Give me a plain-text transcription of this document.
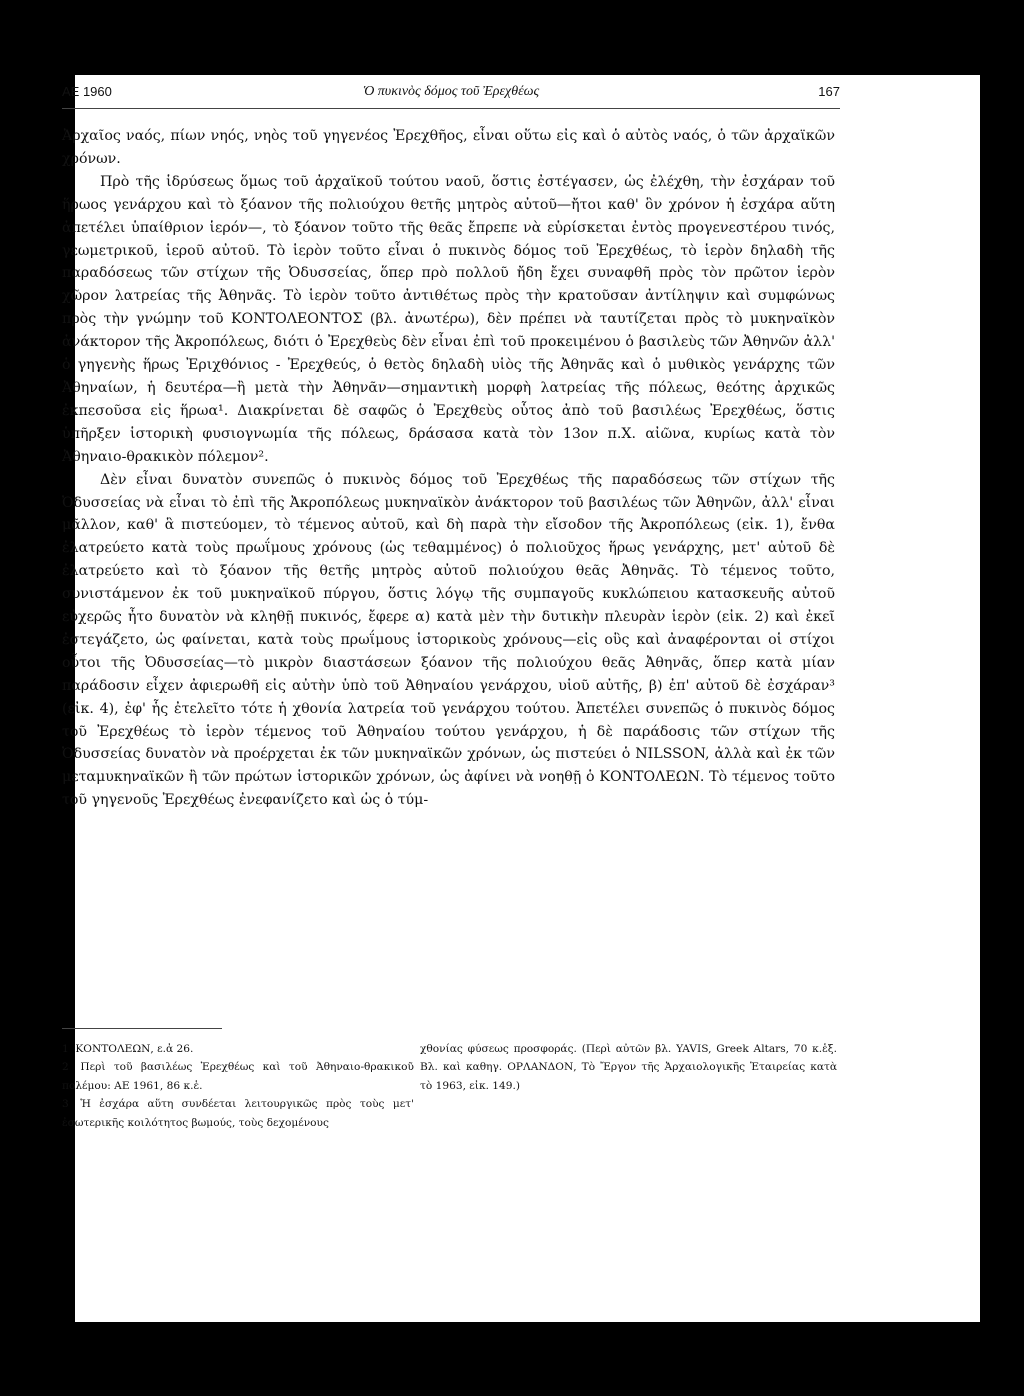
ΑΕ 1960	Ὁ πυκινὸς δόμος τοῦ Ἐρεχθέως	167

Ἀρχαῖος ναός, πίων νηός, νηὸς τοῦ γηγενέος Ἐρεχθῆος, εἶναι οὕτω εἰς καὶ ὁ αὐτὸς ναός, ὁ τῶν ἀρχαϊκῶν χρόνων.

Πρὸ τῆς ἱδρύσεως ὅμως τοῦ ἀρχαϊκοῦ τούτου ναοῦ, ὅστις ἐστέγασεν, ὡς ἐλέχθη, τὴν ἐσχάραν τοῦ ἥρωος γενάρχου καὶ τὸ ξόανον τῆς πολιούχου θετῆς μητρὸς αὐτοῦ—ἤτοι καθ' ὃν χρόνον ἡ ἐσχάρα αὕτη ἀπετέλει ὑπαίθριον ἱερόν—, τὸ ξόανον τοῦτο τῆς θεᾶς ἔπρεπε νὰ εὑρίσκεται ἐντὸς προγενεστέρου τινός, γεωμετρικοῦ, ἱεροῦ αὐτοῦ. Τὸ ἱερὸν τοῦτο εἶναι ὁ πυκινὸς δόμος τοῦ Ἐρεχθέως, τὸ ἱερὸν δηλαδὴ τῆς παραδόσεως τῶν στίχων τῆς Ὀδυσσείας, ὅπερ πρὸ πολλοῦ ἤδη ἔχει συναφθῆ πρὸς τὸν πρῶτον ἱερὸν χῶρον λατρείας τῆς Ἀθηνᾶς. Τὸ ἱερὸν τοῦτο ἀντιθέτως πρὸς τὴν κρατοῦσαν ἀντίληψιν καὶ συμφώνως πρὸς τὴν γνώμην τοῦ ΚΟΝΤΟΛΕΟΝΤΟΣ (βλ. ἀνωτέρω), δὲν πρέπει νὰ ταυτίζεται πρὸς τὸ μυκηναϊκὸν ἀνάκτορον τῆς Ἀκροπόλεως, διότι ὁ Ἐρεχθεὺς δὲν εἶναι ἐπὶ τοῦ προκειμένου ὁ βασιλεὺς τῶν Ἀθηνῶν ἀλλ' ὁ γηγενὴς ἥρως Ἐριχθόνιος - Ἐρεχθεύς, ὁ θετὸς δηλαδὴ υἱὸς τῆς Ἀθηνᾶς καὶ ὁ μυθικὸς γενάρχης τῶν Ἀθηναίων, ἡ δευτέρα—ἢ μετὰ τὴν Ἀθηνᾶν—σημαντικὴ μορφὴ λατρείας τῆς πόλεως, θεότης ἀρχικῶς ἐκπεσοῦσα εἰς ἥρωα¹. Διακρίνεται δὲ σαφῶς ὁ Ἐρεχθεὺς οὗτος ἀπὸ τοῦ βασιλέως Ἐρεχθέως, ὅστις ὑπῆρξεν ἱστορικὴ φυσιογνωμία τῆς πόλεως, δράσασα κατὰ τὸν 13ον π.Χ. αἰῶνα, κυρίως κατὰ τὸν Ἀθηναιο-θρακικὸν πόλεμον².

Δὲν εἶναι δυνατὸν συνεπῶς ὁ πυκινὸς δόμος τοῦ Ἐρεχθέως τῆς παραδόσεως τῶν στίχων τῆς Ὀδυσσείας νὰ εἶναι τὸ ἐπὶ τῆς Ἀκροπόλεως μυκηναϊκὸν ἀνάκτορον τοῦ βασιλέως τῶν Ἀθηνῶν, ἀλλ' εἶναι μᾶλλον, καθ' ἃ πιστεύομεν, τὸ τέμενος αὐτοῦ, καὶ δὴ παρὰ τὴν εἴσοδον τῆς Ἀκροπόλεως (εἰκ. 1), ἔνθα ἐλατρεύετο κατὰ τοὺς πρωΐμους χρόνους (ὡς τεθαμμένος) ὁ πολιοῦχος ἥρως γενάρχης, μετ' αὐτοῦ δὲ ἐλατρεύετο καὶ τὸ ξόανον τῆς θετῆς μητρὸς αὐτοῦ πολιούχου θεᾶς Ἀθηνᾶς. Τὸ τέμενος τοῦτο, συνιστάμενον ἐκ τοῦ μυκηναϊκοῦ πύργου, ὅστις λόγῳ τῆς συμπαγοῦς κυκλώπειου κατασκευῆς αὐτοῦ εὐχερῶς ἦτο δυνατὸν νὰ κληθῇ πυκινός, ἔφερε α) κατὰ μὲν τὴν δυτικὴν πλευρὰν ἱερὸν (εἰκ. 2) καὶ ἐκεῖ ἐστεγάζετο, ὡς φαίνεται, κατὰ τοὺς πρωΐμους ἱστορικοὺς χρόνους—εἰς οὓς καὶ ἀναφέρονται οἱ στίχοι οὗτοι τῆς Ὀδυσσείας—τὸ μικρὸν διαστάσεων ξόανον τῆς πολιούχου θεᾶς Ἀθηνᾶς, ὅπερ κατὰ μίαν παράδοσιν εἶχεν ἀφιερωθῆ εἰς αὐτὴν ὑπὸ τοῦ Ἀθηναίου γενάρχου, υἱοῦ αὐτῆς, β) ἐπ' αὐτοῦ δὲ ἐσχάραν³ (εἰκ. 4), ἐφ' ἧς ἐτελεῖτο τότε ἡ χθονία λατρεία τοῦ γενάρχου τούτου. Ἀπετέλει συνεπῶς ὁ πυκινὸς δόμος τοῦ Ἐρεχθέως τὸ ἱερὸν τέμενος τοῦ Ἀθηναίου τούτου γενάρχου, ἡ δὲ παράδοσις τῶν στίχων τῆς Ὀδυσσείας δυνατὸν νὰ προέρχεται ἐκ τῶν μυκηναϊκῶν χρόνων, ὡς πιστεύει ὁ NILSSON, ἀλλὰ καὶ ἐκ τῶν μεταμυκηναϊκῶν ἢ τῶν πρώτων ἱστορικῶν χρόνων, ὡς ἀφίνει νὰ νοηθῇ ὁ ΚΟΝΤΟΛΕΩΝ. Τὸ τέμενος τοῦτο τοῦ γηγενοῦς Ἐρεχθέως ἐνεφανίζετο καὶ ὡς ὁ τύμ-

1 ΚΟΝΤΟΛΕΩΝ, ε.ἀ 26.

2 Περὶ τοῦ βασιλέως Ἐρεχθέως καὶ τοῦ Ἀθηναιο-θρακικοῦ πολέμου: ΑΕ 1961, 86 κ.ἑ.

3 Ἡ ἐσχάρα αὕτη συνδέεται λειτουργικῶς πρὸς τοὺς μετ' ἐσωτερικῆς κοιλότητος βωμούς, τοὺς δεχομένους

χθονίας φύσεως προσφοράς. (Περὶ αὐτῶν βλ. YAVIS, Greek Altars, 70 κ.ἑξ. Βλ. καὶ καθηγ. ΟΡΛΑΝΔΟΝ, Τὸ Ἔργον τῆς Ἀρχαιολογικῆς Ἑταιρείας κατὰ τὸ 1963, εἰκ. 149.)
